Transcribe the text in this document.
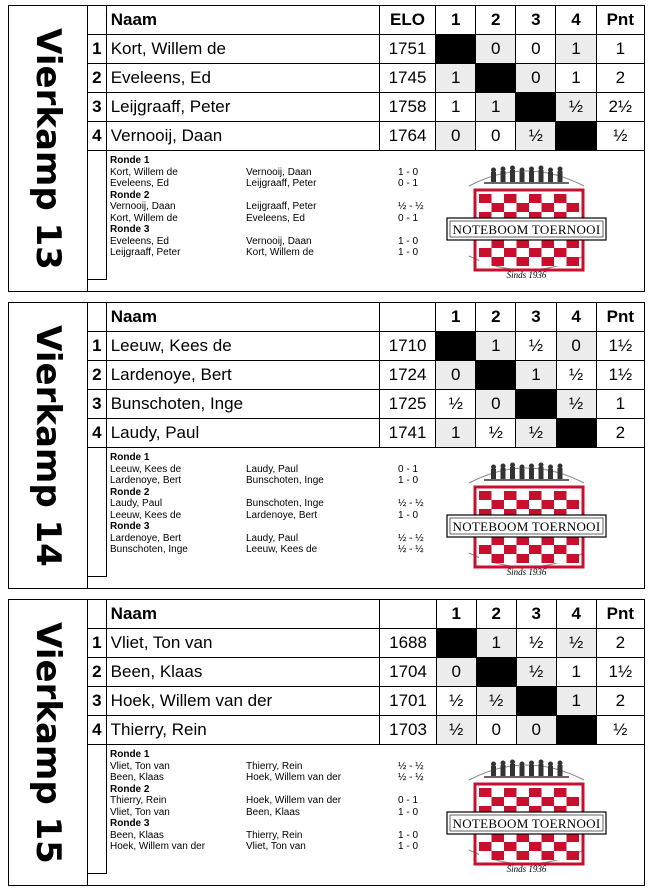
Vierkamp 13
	Naam	ELO	1	2	3	4	Pnt
1	Kort, Willem de	1751		0	0	1	1
2	Eveleens, Ed	1745	1		0	1	2
3	Leijgraaff, Peter	1758	1	1		½	2½
4	Vernooij, Daan	1764	0	0	½		½

Ronde 1
Kort, Willem de	Vernooij, Daan	1 - 0
Eveleens, Ed	Leijgraaff, Peter	0 - 1
Ronde 2
Vernooij, Daan	Leijgraaff, Peter	½ - ½
Kort, Willem de	Eveleens, Ed	0 - 1
Ronde 3
Eveleens, Ed	Vernooij, Daan	1 - 0
Leijgraaff, Peter	Kort, Willem de	1 - 0
NOTEBOOM TOERNOOI
Sinds 1936
Vierkamp 14
	Naam		1	2	3	4	Pnt
1	Leeuw, Kees de	1710		1	½	0	1½
2	Lardenoye, Bert	1724	0		1	½	1½
3	Bunschoten, Inge	1725	½	0		½	1
4	Laudy, Paul	1741	1	½	½		2

Ronde 1
Leeuw, Kees de	Laudy, Paul	0 - 1
Lardenoye, Bert	Bunschoten, Inge	1 - 0
Ronde 2
Laudy, Paul	Bunschoten, Inge	½ - ½
Leeuw, Kees de	Lardenoye, Bert	1 - 0
Ronde 3
Lardenoye, Bert	Laudy, Paul	½ - ½
Bunschoten, Inge	Leeuw, Kees de	½ - ½
NOTEBOOM TOERNOOI
Sinds 1936
Vierkamp 15
	Naam		1	2	3	4	Pnt
1	Vliet, Ton van	1688		1	½	½	2
2	Been, Klaas	1704	0		½	1	1½
3	Hoek, Willem van der	1701	½	½		1	2
4	Thierry, Rein	1703	½	0	0		½

Ronde 1
Vliet, Ton van	Thierry, Rein	½ - ½
Been, Klaas	Hoek, Willem van der	½ - ½
Ronde 2
Thierry, Rein	Hoek, Willem van der	0 - 1
Vliet, Ton van	Been, Klaas	1 - 0
Ronde 3
Been, Klaas	Thierry, Rein	1 - 0
Hoek, Willem van der	Vliet, Ton van	1 - 0
NOTEBOOM TOERNOOI
Sinds 1936
